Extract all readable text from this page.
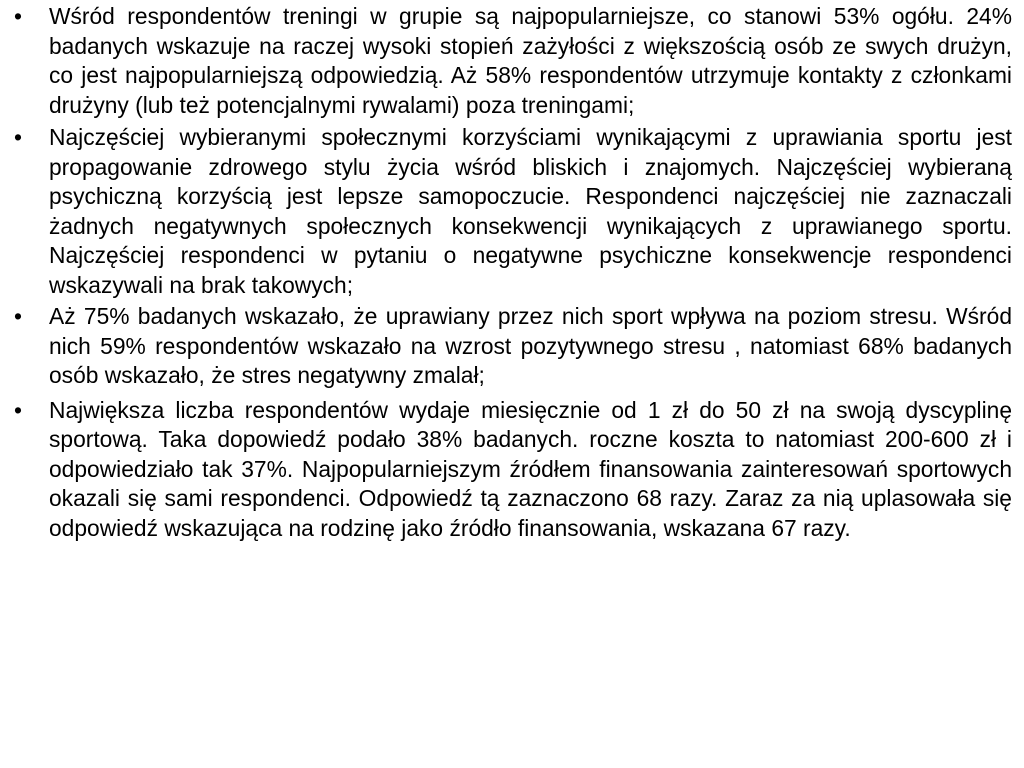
•	Wśród respondentów treningi w grupie są najpopularniejsze, co stanowi 53% ogółu. 24% badanych wskazuje na raczej wysoki stopień zażyłości z większością osób ze swych drużyn, co jest najpopularniejszą odpowiedzią. Aż 58% respondentów utrzymuje kontakty z członkami drużyny (lub też potencjalnymi rywalami) poza treningami;
•	Najczęściej wybieranymi społecznymi korzyściami wynikającymi z uprawiania sportu jest propagowanie zdrowego stylu życia wśród bliskich i znajomych. Najczęściej wybieraną psychiczną korzyścią jest lepsze samopoczucie. Respondenci najczęściej nie zaznaczali żadnych negatywnych społecznych konsekwencji wynikających z uprawianego sportu. Najczęściej respondenci w pytaniu o negatywne psychiczne konsekwencje respondenci wskazywali na brak takowych;
•	Aż 75% badanych wskazało, że uprawiany przez nich sport wpływa na poziom stresu. Wśród nich 59% respondentów wskazało na wzrost pozytywnego stresu , natomiast 68% badanych osób wskazało, że stres negatywny zmalał;
•	Największa liczba respondentów wydaje miesięcznie od 1 zł do 50 zł na swoją dyscyplinę sportową. Taka dopowiedź podało 38% badanych. roczne koszta to natomiast 200-600 zł i odpowiedziało tak 37%. Najpopularniejszym źródłem finansowania zainteresowań sportowych okazali się sami respondenci. Odpowiedź tą zaznaczono 68 razy. Zaraz za nią uplasowała się odpowiedź wskazująca na rodzinę jako źródło finansowania, wskazana 67 razy.
